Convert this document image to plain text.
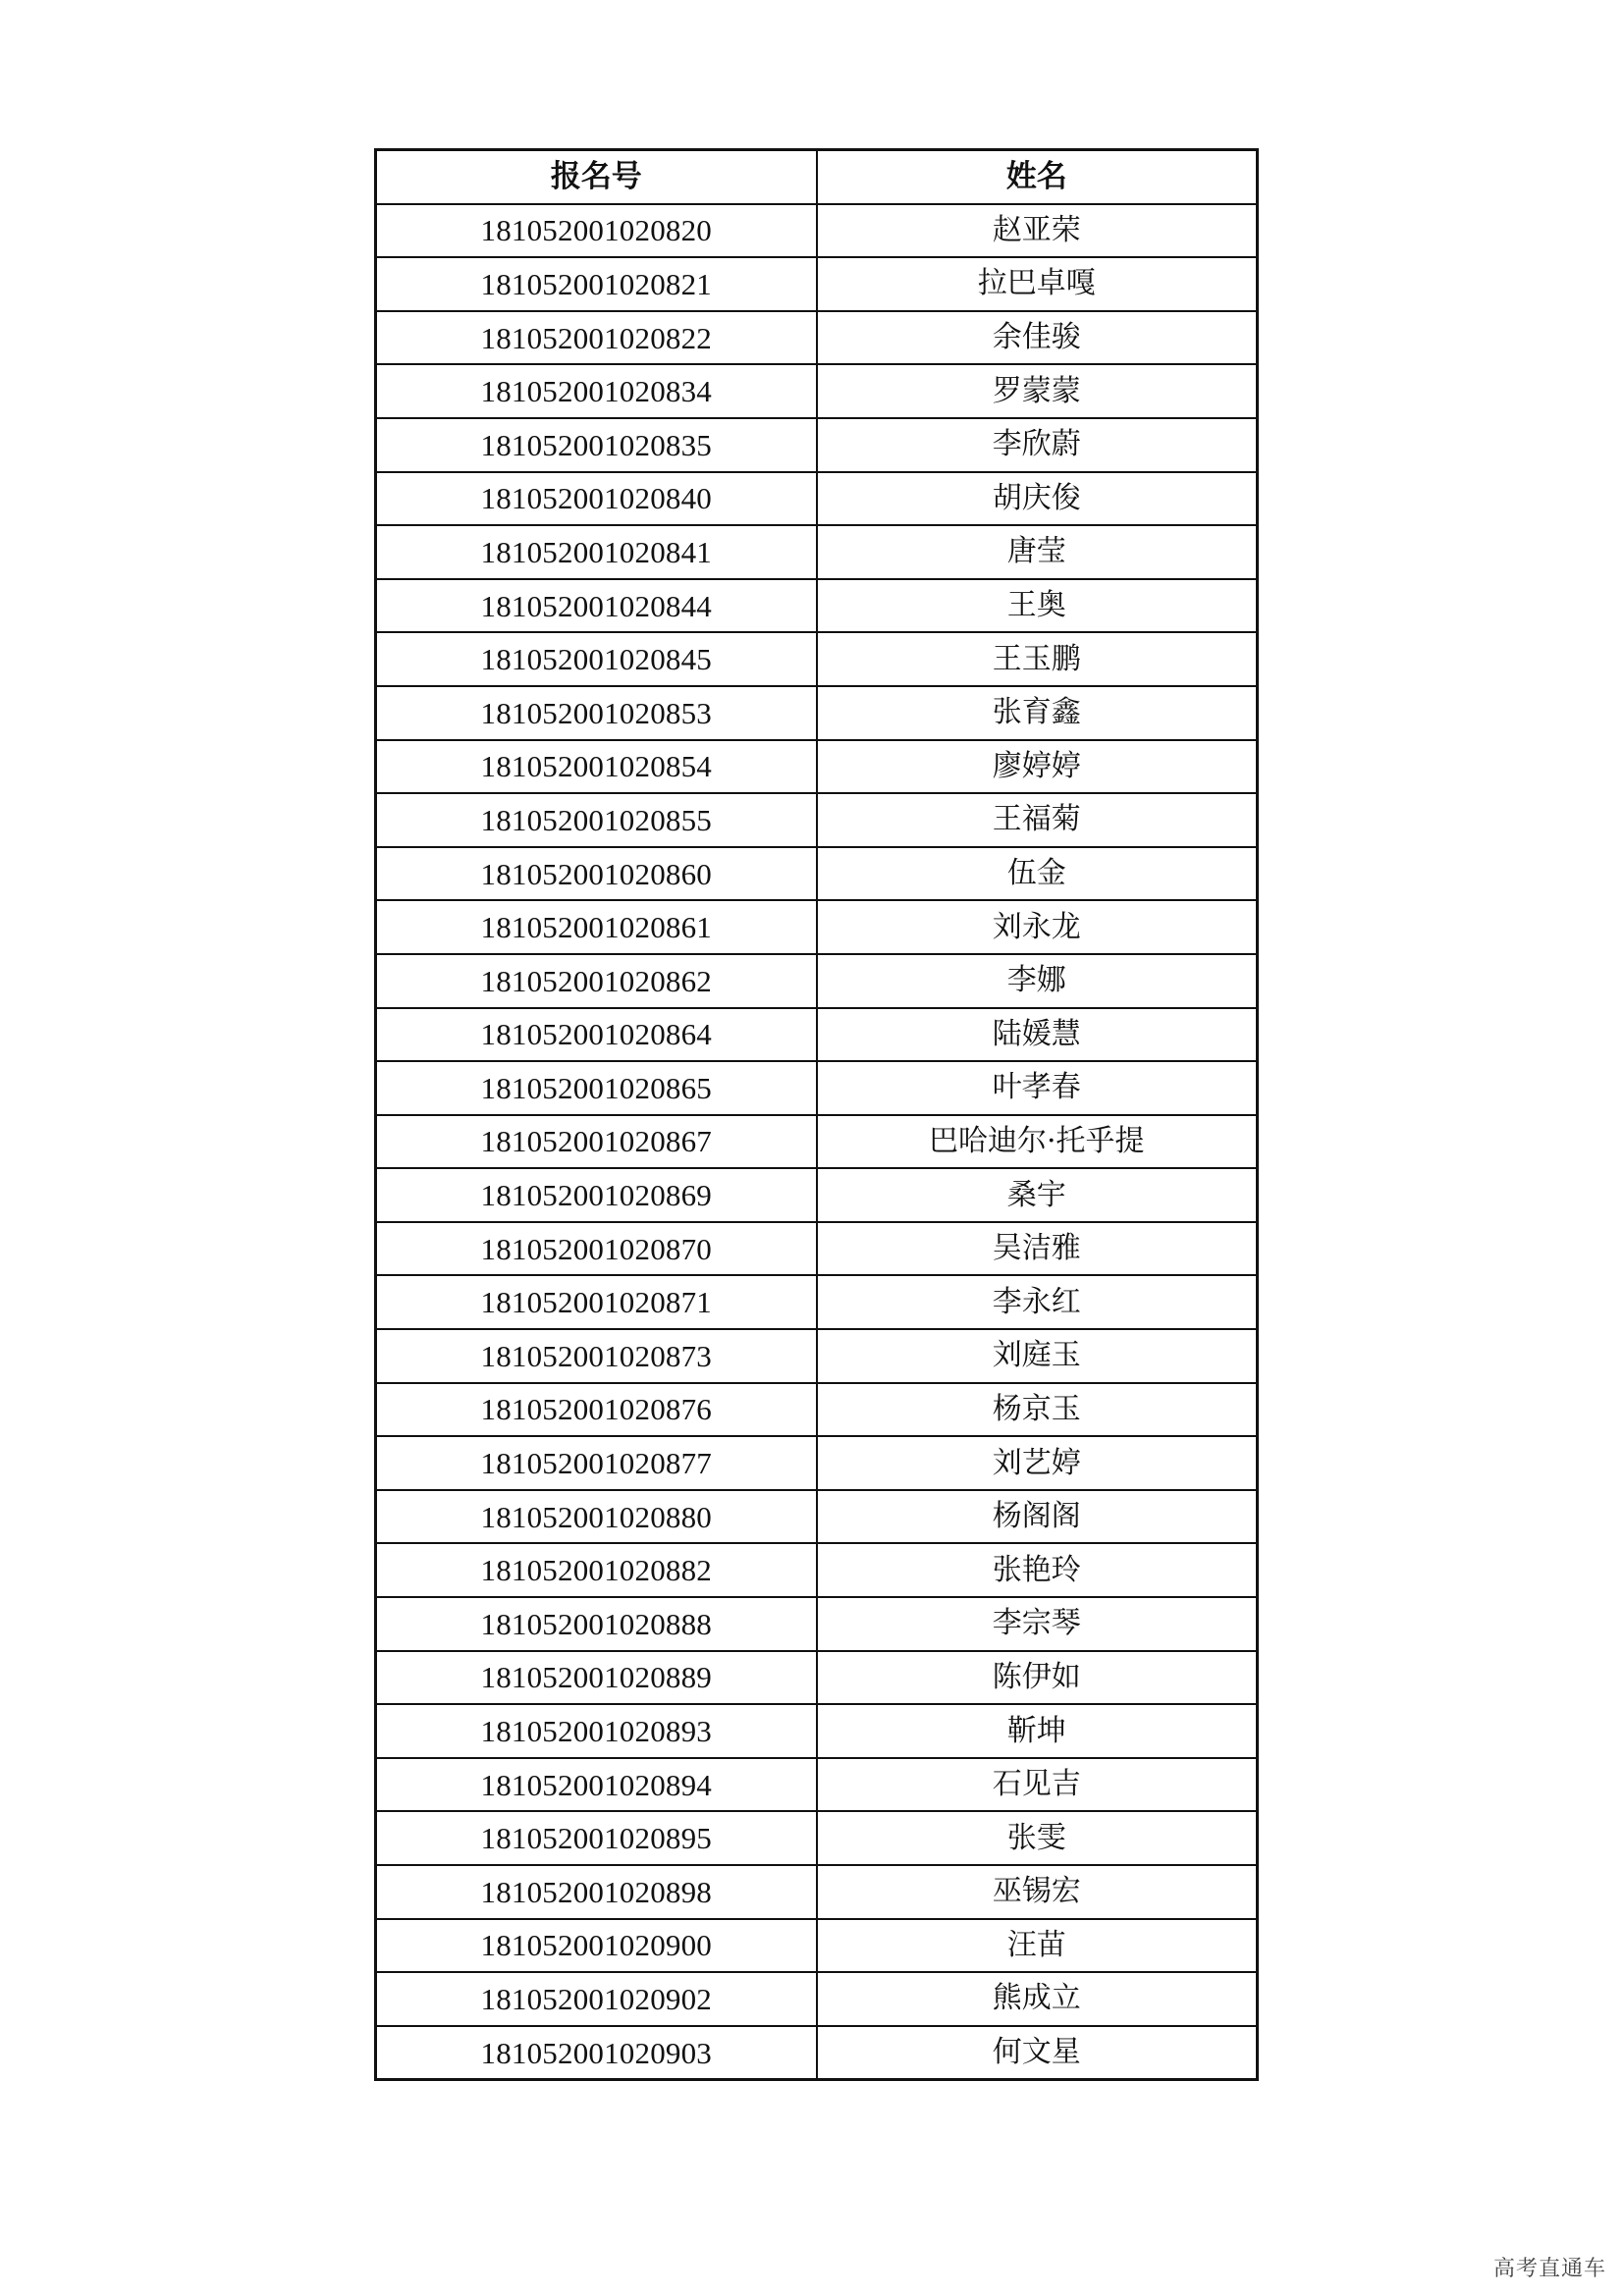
报名号	姓名
181052001020820	赵亚荣
181052001020821	拉巴卓嘎
181052001020822	余佳骏
181052001020834	罗蒙蒙
181052001020835	李欣蔚
181052001020840	胡庆俊
181052001020841	唐莹
181052001020844	王奥
181052001020845	王玉鹏
181052001020853	张育鑫
181052001020854	廖婷婷
181052001020855	王福菊
181052001020860	伍金
181052001020861	刘永龙
181052001020862	李娜
181052001020864	陆媛慧
181052001020865	叶孝春
181052001020867	巴哈迪尔·托乎提
181052001020869	桑宇
181052001020870	吴洁雅
181052001020871	李永红
181052001020873	刘庭玉
181052001020876	杨京玉
181052001020877	刘艺婷
181052001020880	杨阁阁
181052001020882	张艳玲
181052001020888	李宗琴
181052001020889	陈伊如
181052001020893	靳坤
181052001020894	石见吉
181052001020895	张雯
181052001020898	巫锡宏
181052001020900	汪苗
181052001020902	熊成立
181052001020903	何文星
高考直通车
